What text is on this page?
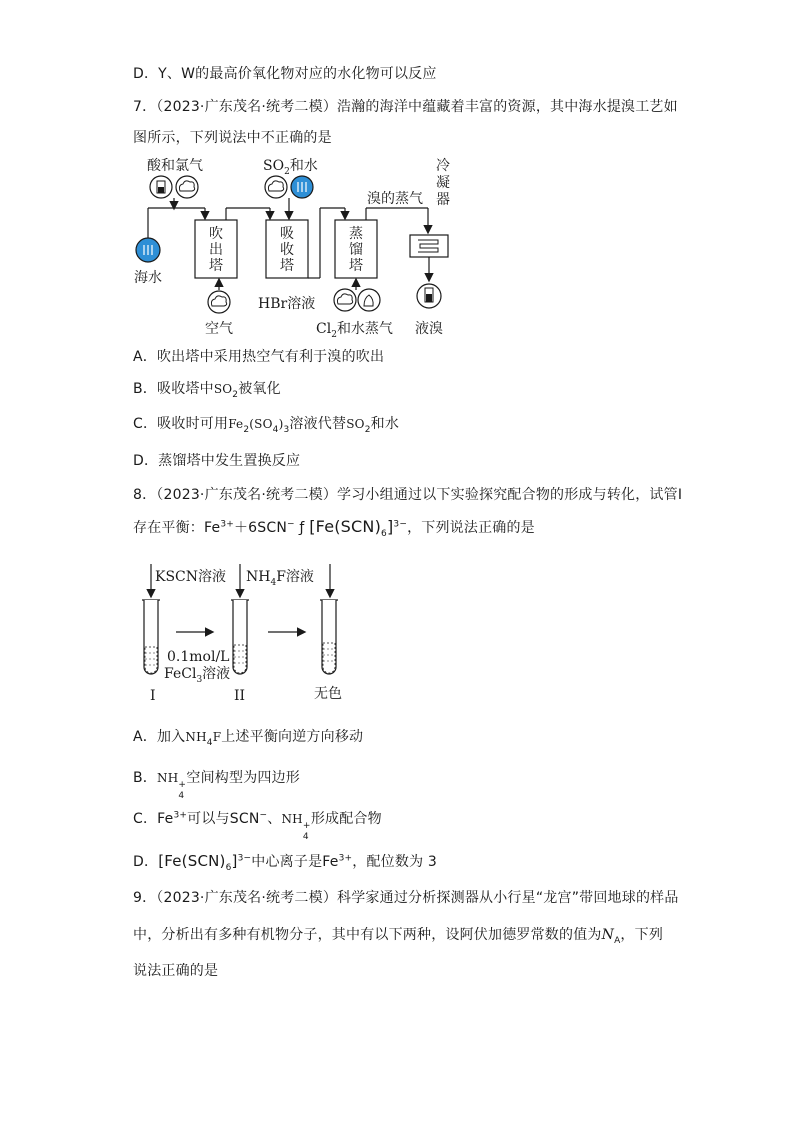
D．Y、W的最高价氧化物对应的水化物可以反应
7．（2023·广东茂名·统考二模）浩瀚的海洋中蕴藏着丰富的资源，其中海水提溴工艺如
图所示，下列说法中不正确的是
酸和氯气	$SO_2$和水
海水
吹
出
塔
空气
吸
收
塔
HBr溶液
蒸
馏
塔
$Cl_2$和水蒸气
溴的蒸气
冷
凝
器
液溴
A．吹出塔中采用热空气有利于溴的吹出
B．吸收塔中$SO_2$被氧化
C．吸收时可用$Fe_2(SO_4)_3$溶液代替$SO_2$和水
D．蒸馏塔中发生置换反应
8．（2023·广东茂名·统考二模）学习小组通过以下实验探究配合物的形成与转化，试管Ⅰ
存在平衡：$Fe^{3+}+6SCN^-$ ƒ $[Fe(SCN)_6]^{3-}$，下列说法正确的是
KSCN溶液 $NH_4F$溶液
0.1mol/L
FeCl$_3$溶液
I	II	无色
A．加入$NH_4F$上述平衡向逆方向移动
B．NH +
4
空间构型为四边形
C．$Fe^{3+}$可以与SCN−、NH +
4
形成配合物
D．$[Fe(SCN)_6]^{3-}$中心离子是$Fe^{3+}$，配位数为 3
9．（2023·广东茂名·统考二模）科学家通过分析探测器从小行星“龙宫”带回地球的样品
中，分析出有多种有机物分子，其中有以下两种，设阿伏加德罗常数的值为$N_A$，下列
说法正确的是
